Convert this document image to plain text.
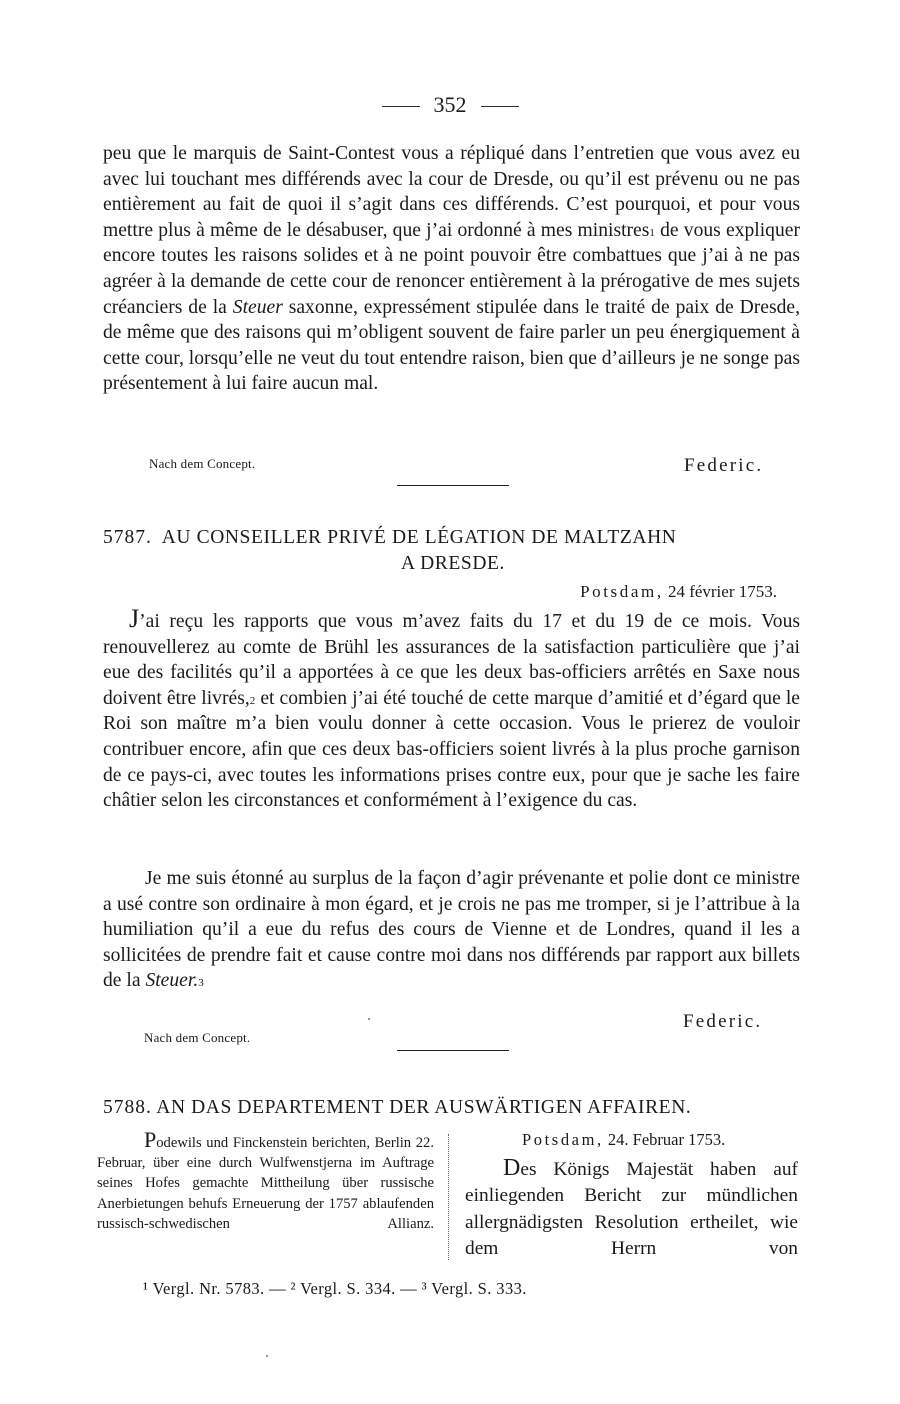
352

peu que le marquis de Saint-Contest vous a répliqué dans l’entretien que vous avez eu avec lui touchant mes différends avec la cour de Dresde, ou qu’il est prévenu ou ne pas entièrement au fait de quoi il s’agit dans ces différends. C’est pourquoi, et pour vous mettre plus à même de le désabuser, que j’ai ordonné à mes ministres$^1$ de vous expliquer encore toutes les raisons solides et à ne point pouvoir être combattues que j’ai à ne pas agréer à la demande de cette cour de renoncer entièrement à la prérogative de mes sujets créanciers de la Steuer saxonne, expressément stipulée dans le traité de paix de Dresde, de même que des raisons qui m’obligent souvent de faire parler un peu énergiquement à cette cour, lorsqu’elle ne veut du tout entendre raison, bien que d’ailleurs je ne songe pas présentement à lui faire aucun mal.

Nach dem Concept.	Federic.
5787. AU CONSEILLER PRIVÉ DE LÉGATION DE MALTZAHN
A DRESDE.
Potsdam, 24 février 1753.

J’ai reçu les rapports que vous m’avez faits du 17 et du 19 de ce mois. Vous renouvellerez au comte de Brühl les assurances de la satisfaction particulière que j’ai eue des facilités qu’il a apportées à ce que les deux bas-officiers arrêtés en Saxe nous doivent être livrés,$^2$ et combien j’ai été touché de cette marque d’amitié et d’égard que le Roi son maître m’a bien voulu donner à cette occasion. Vous le prierez de vouloir contribuer encore, afin que ces deux bas-officiers soient livrés à la plus proche garnison de ce pays-ci, avec toutes les informations prises contre eux, pour que je sache les faire châtier selon les circonstances et conformément à l’exigence du cas.

Je me suis étonné au surplus de la façon d’agir prévenante et polie dont ce ministre a usé contre son ordinaire à mon égard, et je crois ne pas me tromper, si je l’attribue à la humiliation qu’il a eue du refus des cours de Vienne et de Londres, quand il les a sollicitées de prendre fait et cause contre moi dans nos différends par rapport aux billets de la Steuer.$^3$

Federic.
Nach dem Concept.
5788. AN DAS DEPARTEMENT DER AUSWÄRTIGEN AFFAIREN.
Podewils und Finckenstein berichten, Berlin 22. Februar, über eine durch Wulfwenstjerna im Auftrage seines Hofes gemachte Mittheilung über russische Anerbietungen behufs Erneuerung der 1757 ablaufenden russisch-schwedischen Allianz.
Potsdam, 24. Februar 1753.
Des Königs Majestät haben auf einliegenden Bericht zur mündlichen allergnädigsten Resolution ertheilet, wie dem Herrn von
¹ Vergl. Nr. 5783. — ² Vergl. S. 334. — ³ Vergl. S. 333.
